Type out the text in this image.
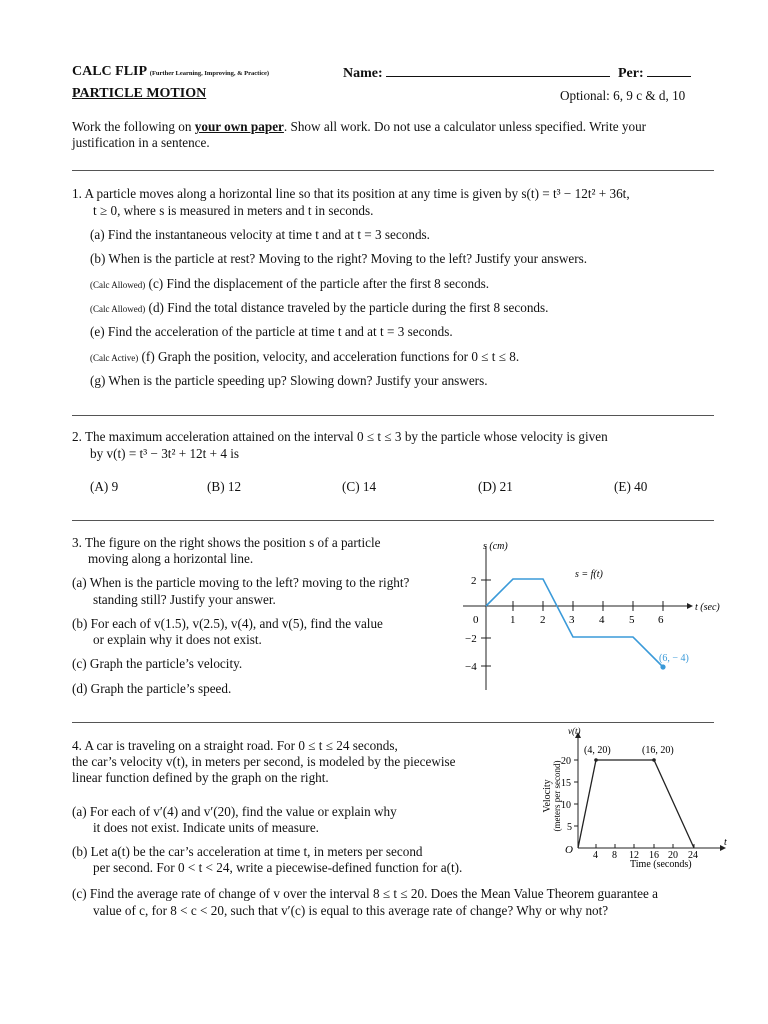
CALC FLIP (Further Learning, Improving, & Practice)	Name:	Per:
PARTICLE MOTION	Optional: 6, 9 c & d, 10
Work the following on your own paper. Show all work. Do not use a calculator unless specified. Write your
justification in a sentence.
1. A particle moves along a horizontal line so that its position at any time is given by s(t) = t³ − 12t² + 36t,
t ≥ 0, where s is measured in meters and t in seconds.
(a) Find the instantaneous velocity at time t and at t = 3 seconds.
(b) When is the particle at rest? Moving to the right? Moving to the left? Justify your answers.
(Calc Allowed) (c) Find the displacement of the particle after the first 8 seconds.
(Calc Allowed) (d) Find the total distance traveled by the particle during the first 8 seconds.
(e) Find the acceleration of the particle at time t and at t = 3 seconds.
(Calc Active) (f) Graph the position, velocity, and acceleration functions for 0 ≤ t ≤ 8.
(g) When is the particle speeding up? Slowing down? Justify your answers.
2. The maximum acceleration attained on the interval 0 ≤ t ≤ 3 by the particle whose velocity is given
by v(t) = t³ − 3t² + 12t + 4 is
(A) 9	(B) 12	(C) 14	(D) 21	(E) 40
3. The figure on the right shows the position s of a particle
moving along a horizontal line.
(a) When is the particle moving to the left? moving to the right?
standing still? Justify your answer.
(b) For each of v(1.5), v(2.5), v(4), and v(5), find the value
or explain why it does not exist.
(c) Graph the particle’s velocity.
(d) Graph the particle’s speed.
s (cm)
t (sec)
0	1 2 3 4 5 6
2
−2
−4
s = f(t)
(6, − 4)
4. A car is traveling on a straight road. For 0 ≤ t ≤ 24 seconds,
the car’s velocity v(t), in meters per second, is modeled by the piecewise
linear function defined by the graph on the right.
(a) For each of v′(4) and v′(20), find the value or explain why
it does not exist. Indicate units of measure.
(b) Let a(t) be the car’s acceleration at time t, in meters per second
per second. For 0 < t < 24, write a piecewise-defined function for a(t).
(c) Find the average rate of change of v over the interval 8 ≤ t ≤ 20. Does the Mean Value Theorem guarantee a
value of c, for 8 < c < 20, such that v′(c) is equal to this average rate of change? Why or why not?
v(t)
t
O
Velocity (meters per second) 20
15
10
5
4 8 12 16 20 24
Time (seconds)
(4, 20)	(16, 20)
